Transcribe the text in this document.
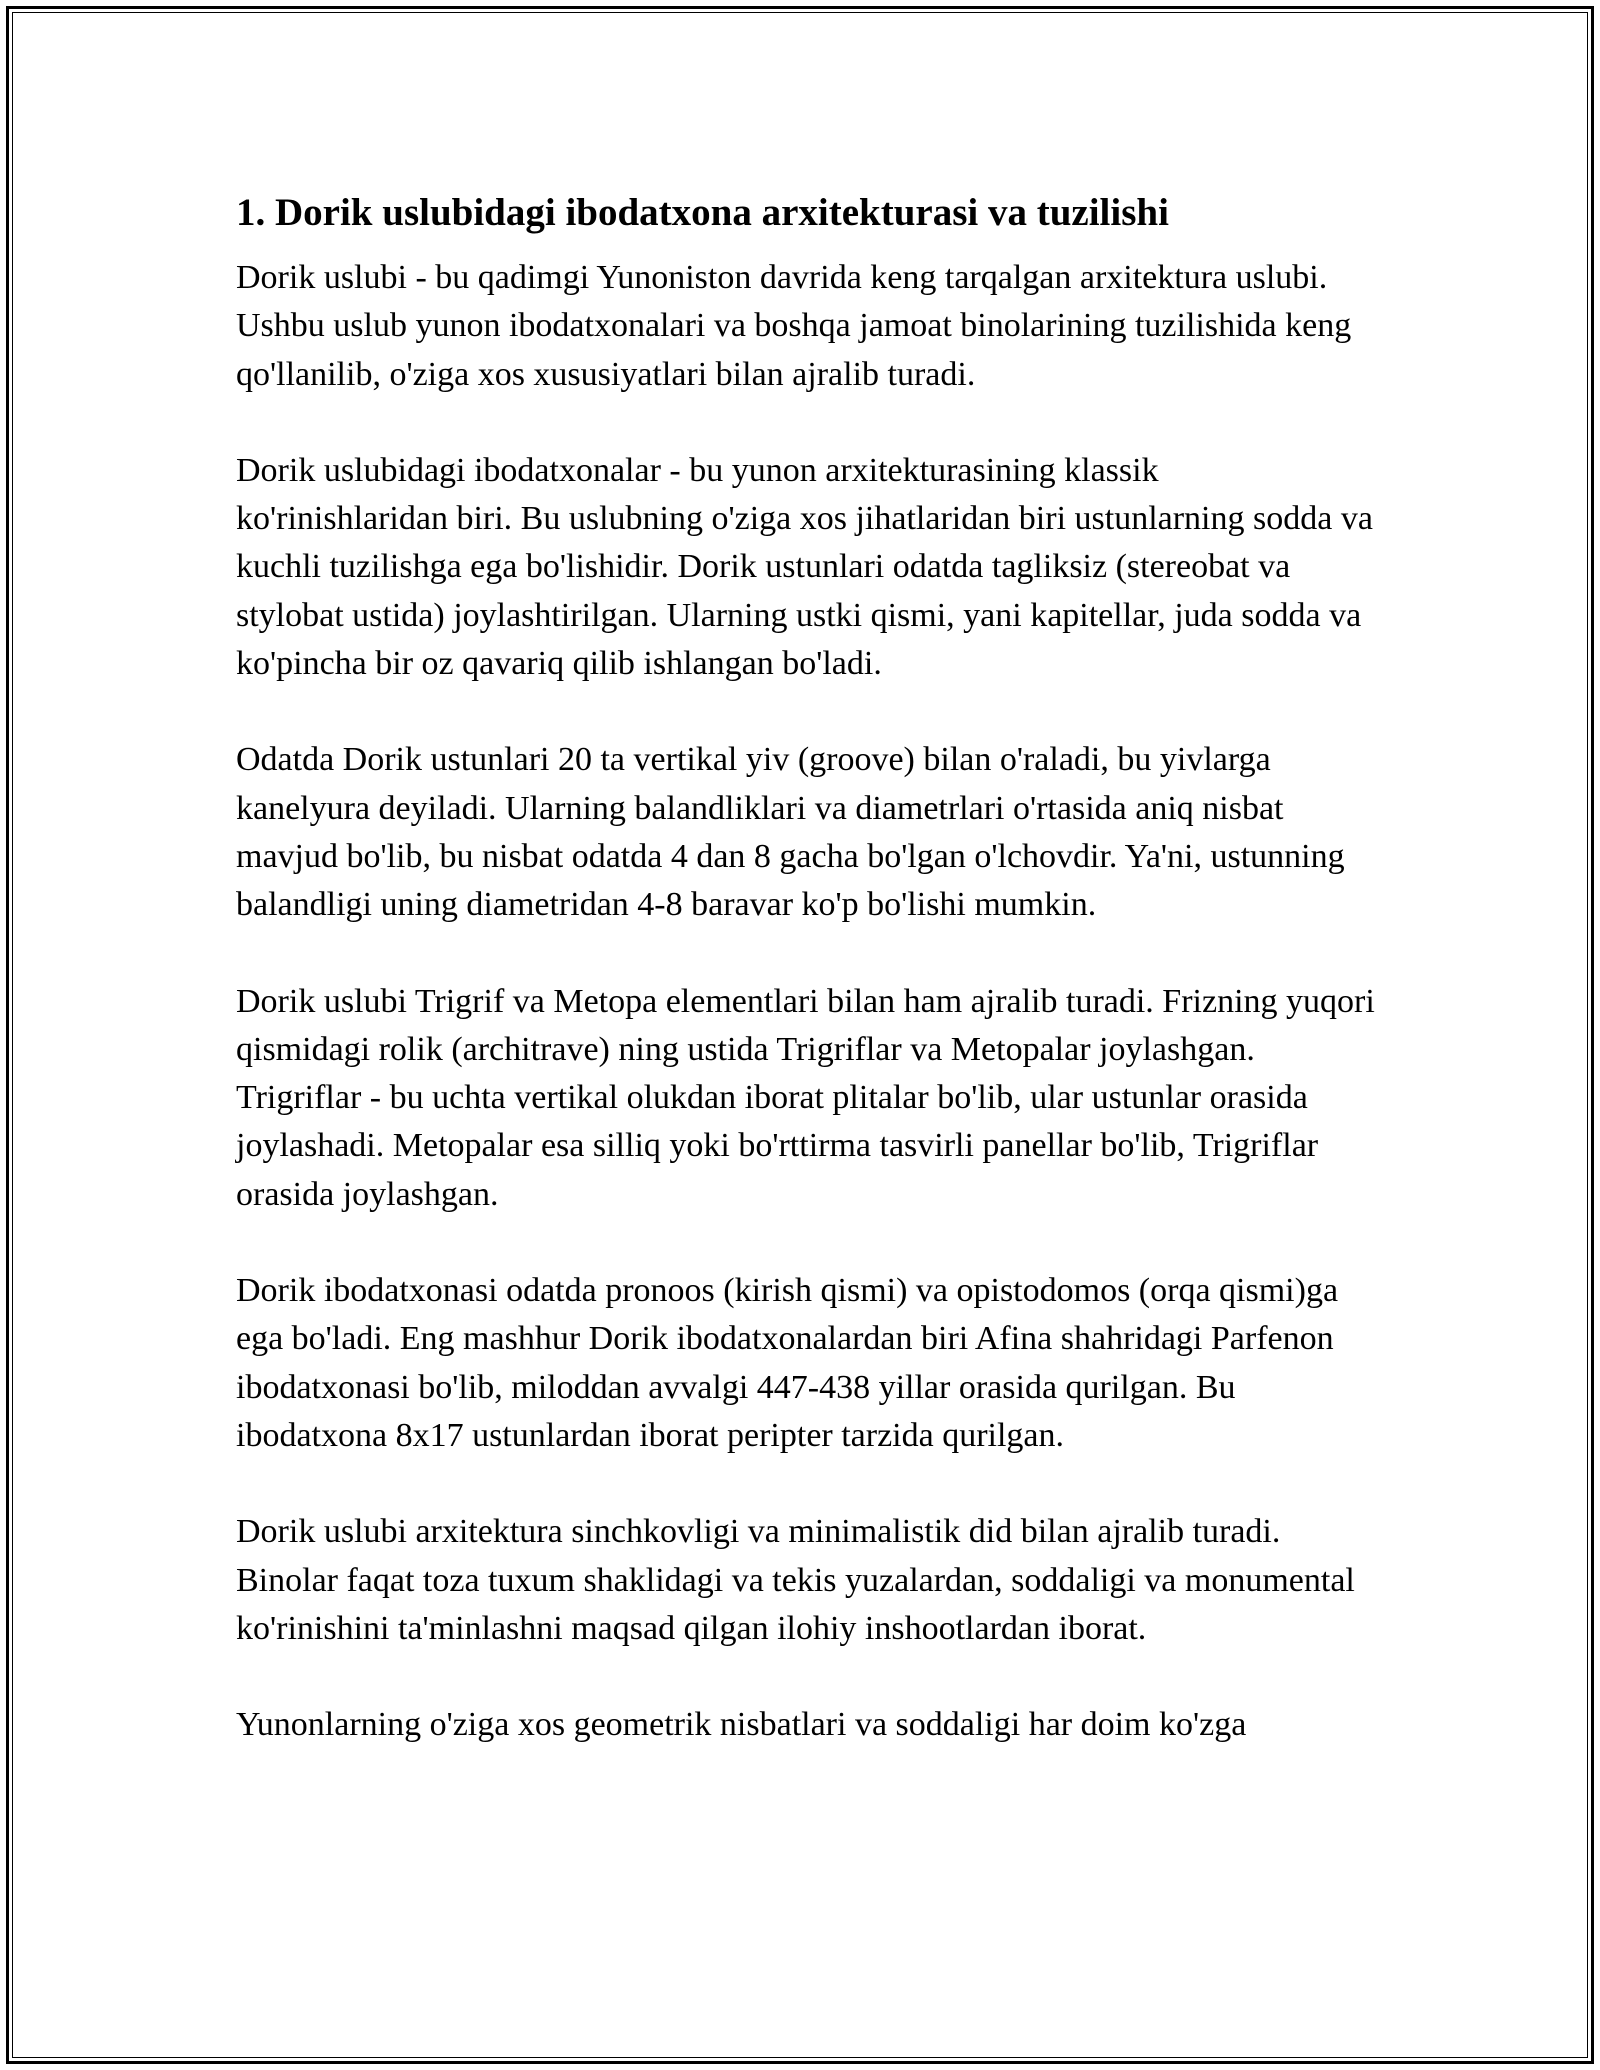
1. Dorik uslubidagi ibodatxona arxitekturasi va tuzilishi

Dorik uslubi - bu qadimgi Yunoniston davrida keng tarqalgan arxitektura uslubi. Ushbu uslub yunon ibodatxonalari va boshqa jamoat binolarining tuzilishida keng qo'llanilib, o'ziga xos xususiyatlari bilan ajralib turadi.

Dorik uslubidagi ibodatxonalar - bu yunon arxitekturasining klassik ko'rinishlaridan biri. Bu uslubning o'ziga xos jihatlaridan biri ustunlarning sodda va kuchli tuzilishga ega bo'lishidir. Dorik ustunlari odatda tagliksiz (stereobat va stylobat ustida) joylashtirilgan. Ularning ustki qismi, yani kapitellar, juda sodda va ko'pincha bir oz qavariq qilib ishlangan bo'ladi.

Odatda Dorik ustunlari 20 ta vertikal yiv (groove) bilan o'raladi, bu yivlarga kanelyura deyiladi. Ularning balandliklari va diametrlari o'rtasida aniq nisbat mavjud bo'lib, bu nisbat odatda 4 dan 8 gacha bo'lgan o'lchovdir. Ya'ni, ustunning balandligi uning diametridan 4-8 baravar ko'p bo'lishi mumkin.

Dorik uslubi Trigrif va Metopa elementlari bilan ham ajralib turadi. Frizning yuqori qismidagi rolik (architrave) ning ustida Trigriflar va Metopalar joylashgan. Trigriflar - bu uchta vertikal olukdan iborat plitalar bo'lib, ular ustunlar orasida joylashadi. Metopalar esa silliq yoki bo'rttirma tasvirli panellar bo'lib, Trigriflar orasida joylashgan.

Dorik ibodatxonasi odatda pronoos (kirish qismi) va opistodomos (orqa qismi)ga ega bo'ladi. Eng mashhur Dorik ibodatxonalardan biri Afina shahridagi Parfenon ibodatxonasi bo'lib, miloddan avvalgi 447-438 yillar orasida qurilgan. Bu ibodatxona 8x17 ustunlardan iborat peripter tarzida qurilgan.

Dorik uslubi arxitektura sinchkovligi va minimalistik did bilan ajralib turadi. Binolar faqat toza tuxum shaklidagi va tekis yuzalardan, soddaligi va monumental ko'rinishini ta'minlashni maqsad qilgan ilohiy inshootlardan iborat.

Yunonlarning o'ziga xos geometrik nisbatlari va soddaligi har doim ko'zga
